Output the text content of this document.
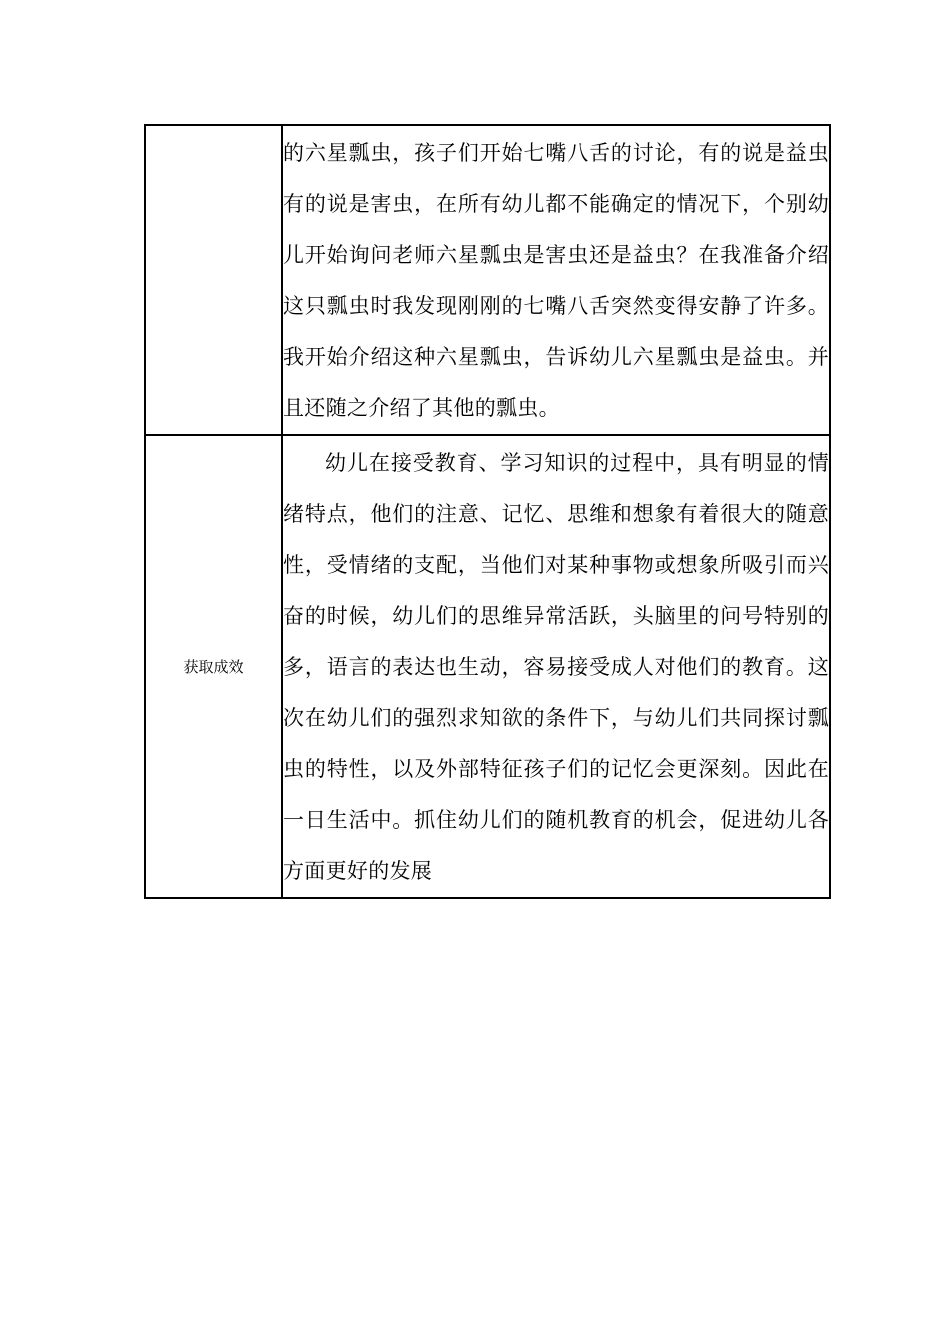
	的六星瓢虫，孩子们开始七嘴八舌的讨论，有的说是益虫有的说是害虫，在所有幼儿都不能确定的情况下，个别幼儿开始询问老师六星瓢虫是害虫还是益虫？在我准备介绍这只瓢虫时我发现刚刚的七嘴八舌突然变得安静了许多。我开始介绍这种六星瓢虫，告诉幼儿六星瓢虫是益虫。并且还随之介绍了其他的瓢虫。

获取成效	幼儿在接受教育、学习知识的过程中，具有明显的情绪特点，他们的注意、记忆、思维和想象有着很大的随意性，受情绪的支配，当他们对某种事物或想象所吸引而兴奋的时候，幼儿们的思维异常活跃，头脑里的问号特别的多，语言的表达也生动，容易接受成人对他们的教育。这次在幼儿们的强烈求知欲的条件下，与幼儿们共同探讨瓢虫的特性，以及外部特征孩子们的记忆会更深刻。因此在一日生活中。抓住幼儿们的随机教育的机会，促进幼儿各方面更好的发展
